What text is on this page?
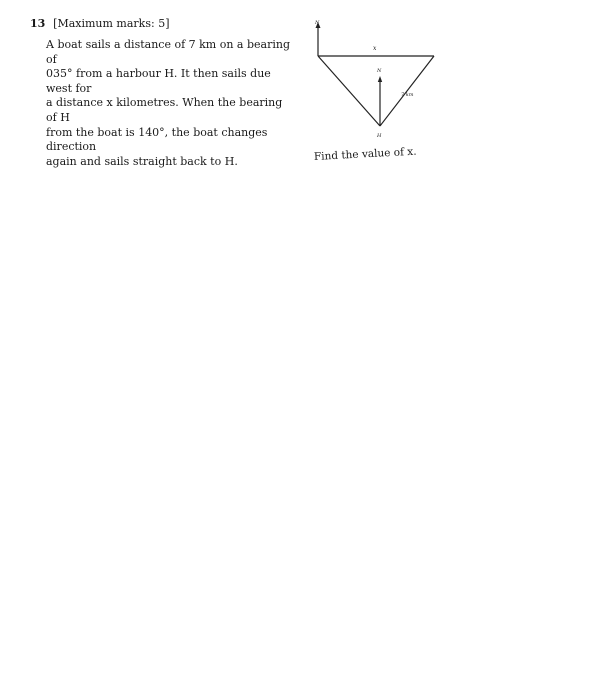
13 [Maximum marks: 5]

A boat sails a distance of 7 km on a bearing of

035° from a harbour H. It then sails due west for

a distance x kilometres. When the bearing of H

from the boat is 140°, the boat changes direction

again and sails straight back to H.

N
N
x
7 km
H
Find the value of x.
